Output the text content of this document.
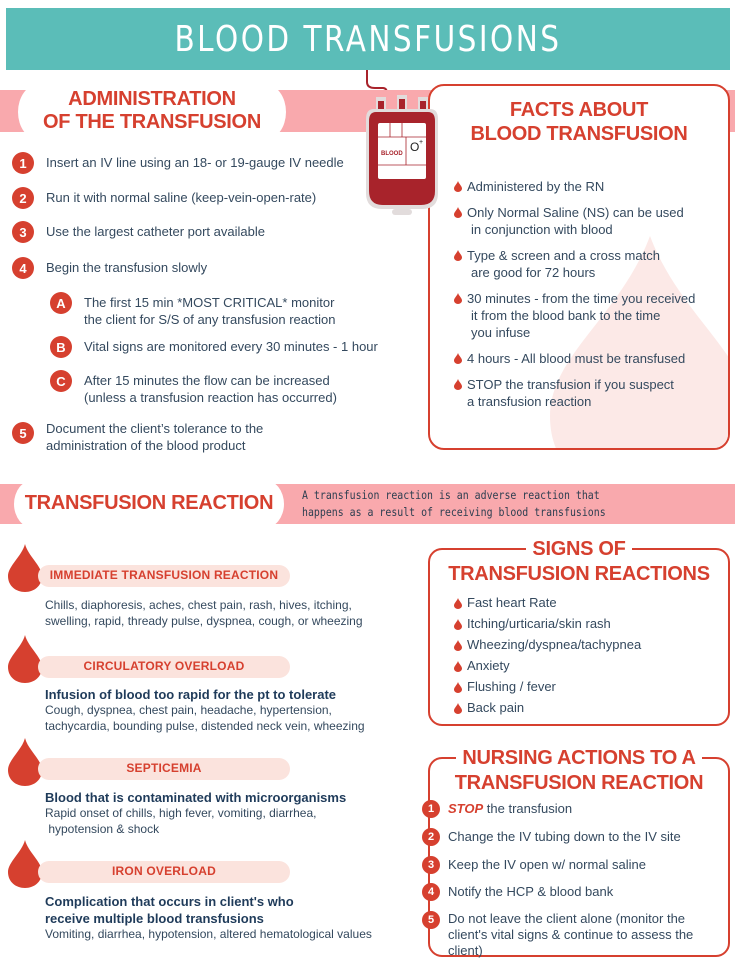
BLOOD TRANSFUSIONS
ADMINISTRATION
OF THE TRANSFUSION
1	Insert an IV line using an 18- or 19-gauge IV needle
2	Run it with normal saline (keep-vein-open-rate)
3	Use the largest catheter port available
4	Begin the transfusion slowly
A	The first 15 min *MOST CRITICAL* monitor
the client for S/S of any transfusion reaction
B	Vital signs are monitored every 30 minutes - 1 hour
C	After 15 minutes the flow can be increased
(unless a transfusion reaction has occurred)
5	Document the client’s tolerance to the
administration of the blood product
FACTS ABOUT
BLOOD TRANSFUSION
Administered by the RN
Only Normal Saline (NS) can be used
in conjunction with blood
Type & screen and a cross match
are good for 72 hours
30 minutes - from the time you received
it from the blood bank to the time
you infuse
4 hours - All blood must be transfused
STOP the transfusion if you suspect
a transfusion reaction
BLOOD O +
TRANSFUSION REACTION	A transfusion reaction is an adverse reaction that
happens as a result of receiving blood transfusions
IMMEDIATE TRANSFUSION REACTION
Chills, diaphoresis, aches, chest pain, rash, hives, itching,
swelling, rapid, thready pulse, dyspnea, cough, or wheezing
CIRCULATORY OVERLOAD
Infusion of blood too rapid for the pt to tolerate
Cough, dyspnea, chest pain, headache, hypertension,
tachycardia, bounding pulse, distended neck vein, wheezing
SEPTICEMIA
Blood that is contaminated with microorganisms
Rapid onset of chills, high fever, vomiting, diarrhea,
hypotension & shock
IRON OVERLOAD
Complication that occurs in client's who
receive multiple blood transfusions
Vomiting, diarrhea, hypotension, altered hematological values
SIGNS OF
TRANSFUSION REACTIONS
Fast heart Rate
Itching/urticaria/skin rash
Wheezing/dyspnea/tachypnea
Anxiety
Flushing / fever
Back pain
NURSING ACTIONS TO A
TRANSFUSION REACTION
1	STOP the transfusion
2	Change the IV tubing down to the IV site
3	Keep the IV open w/ normal saline
4	Notify the HCP & blood bank
5	Do not leave the client alone (monitor the
client's vital signs & continue to assess the
client)
